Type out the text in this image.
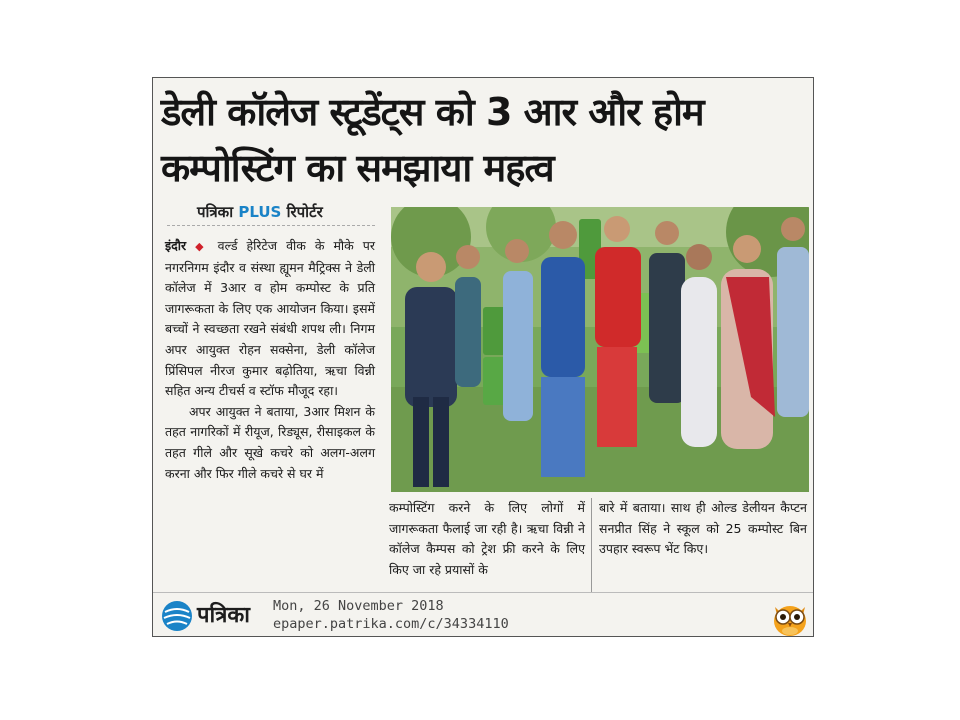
डेली कॉलेज स्टूडेंट्स को 3 आर और होम कम्पोस्टिंग का समझाया महत्व
पत्रिका PLUS रिपोर्टर

इंदौर ◆ वर्ल्ड हेरिटेज वीक के मौके पर नगरनिगम इंदौर व संस्था ह्यूमन मैट्रिक्स ने डेली कॉलेज में 3आर व होम कम्पोस्ट के प्रति जागरूकता के लिए एक आयोजन किया। इसमें बच्चों ने स्वच्छता रखने संबंधी शपथ ली। निगम अपर आयुक्त रोहन सक्सेना, डेली कॉलेज प्रिंसिपल नीरज कुमार बढ़ोतिया, ऋचा विन्नी सहित अन्य टीचर्स व स्टॉफ मौजूद रहा।

अपर आयुक्त ने बताया, 3आर मिशन के तहत नागरिकों में रीयूज, रिड्यूस, रीसाइकल के तहत गीले और सूखे कचरे को अलग-अलग करना और फिर गीले कचरे से घर में

कम्पोस्टिंग करने के लिए लोगों में जागरूकता फैलाई जा रही है। ऋचा विन्नी ने कॉलेज कैम्पस को ट्रेश फ्री करने के लिए किए जा रहे प्रयासों के

बारे में बताया। साथ ही ओल्ड डेलीयन कैप्टन सनप्रीत सिंह ने स्कूल को 25 कम्पोस्ट बिन उपहार स्वरूप भेंट किए।

पत्रिका Mon, 26 November 2018
epaper.patrika.com/c/34334110
